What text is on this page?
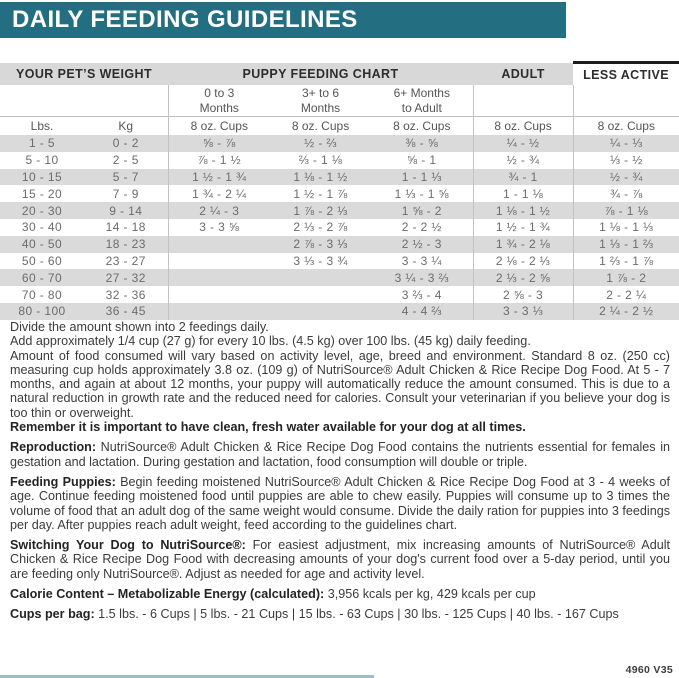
DAILY FEEDING GUIDELINES
YOUR PET’S WEIGHT		PUPPY FEEDING CHART			ADULT	LESS ACTIVE
		0 to 3 Months	3+ to 6 Months	6+ Months to Adult		
Lbs.	Kg	8 oz. Cups	8 oz. Cups	8 oz. Cups	8 oz. Cups	8 oz. Cups
1 - 5	0 - 2	⅝ - ⅞	½ - ⅔	⅜ - ⅝	¼ - ½	¼ - ⅓
5 - 10	2 - 5	⅞ - 1 ½	⅔ - 1 ⅛	⅝ - 1	½ - ¾	⅓ - ½
10 - 15	5 - 7	1 ½ - 1 ¾	1 ⅛ - 1 ½	1 - 1 ⅓	¾ - 1	½ - ¾
15 - 20	7 - 9	1 ¾ - 2 ¼	1 ½ - 1 ⅞	1 ⅓ - 1 ⅝	1 - 1 ⅛	¾ - ⅞
20 - 30	9 - 14	2 ¼ - 3	1 ⅞ - 2 ⅓	1 ⅝ - 2	1 ⅛ - 1 ½	⅞ - 1 ⅛
30 - 40	14 - 18	3 - 3 ⅝	2 ⅓ - 2 ⅞	2 - 2 ½	1 ½ - 1 ¾	1 ⅛ - 1 ⅓
40 - 50	18 - 23		2 ⅞ - 3 ⅓	2 ½ - 3	1 ¾ - 2 ⅛	1 ⅓ - 1 ⅔
50 - 60	23 - 27		3 ⅓ - 3 ¾	3 - 3 ¼	2 ⅛ - 2 ⅓	1 ⅔ - 1 ⅞
60 - 70	27 - 32			3 ¼ - 3 ⅔	2 ⅓ - 2 ⅝	1 ⅞ - 2
70 - 80	32 - 36			3 ⅔ - 4	2 ⅝ - 3	2 - 2 ¼
80 - 100	36 - 45			4 - 4 ⅔	3 - 3 ⅓	2 ¼ - 2 ½

Divide the amount shown into 2 feedings daily.
Add approximately 1/4 cup (27 g) for every 10 lbs. (4.5 kg) over 100 lbs. (45 kg) daily feeding.
Amount of food consumed will vary based on activity level, age, breed and environment. Standard 8 oz. (250 cc) measuring cup holds approximately 3.8 oz. (109 g) of NutriSource® Adult Chicken & Rice Recipe Dog Food. At 5 - 7 months, and again at about 12 months, your puppy will automatically reduce the amount consumed. This is due to a natural reduction in growth rate and the reduced need for calories. Consult your veterinarian if you believe your dog is too thin or overweight.
Remember it is important to have clean, fresh water available for your dog at all times.

Reproduction: NutriSource® Adult Chicken & Rice Recipe Dog Food contains the nutrients essential for females in gestation and lactation. During gestation and lactation, food consumption will double or triple.

Feeding Puppies: Begin feeding moistened NutriSource® Adult Chicken & Rice Recipe Dog Food at 3 - 4 weeks of age. Continue feeding moistened food until puppies are able to chew easily. Puppies will consume up to 3 times the volume of food that an adult dog of the same weight would consume. Divide the daily ration for puppies into 3 feedings per day. After puppies reach adult weight, feed according to the guidelines chart.

Switching Your Dog to NutriSource®: For easiest adjustment, mix increasing amounts of NutriSource® Adult Chicken & Rice Recipe Dog Food with decreasing amounts of your dog's current food over a 5-day period, until you are feeding only NutriSource®. Adjust as needed for age and activity level.

Calorie Content – Metabolizable Energy (calculated): 3,956 kcals per kg, 429 kcals per cup

Cups per bag: 1.5 lbs. - 6 Cups | 5 lbs. - 21 Cups | 15 lbs. - 63 Cups | 30 lbs. - 125 Cups | 40 lbs. - 167 Cups

4960 V35
